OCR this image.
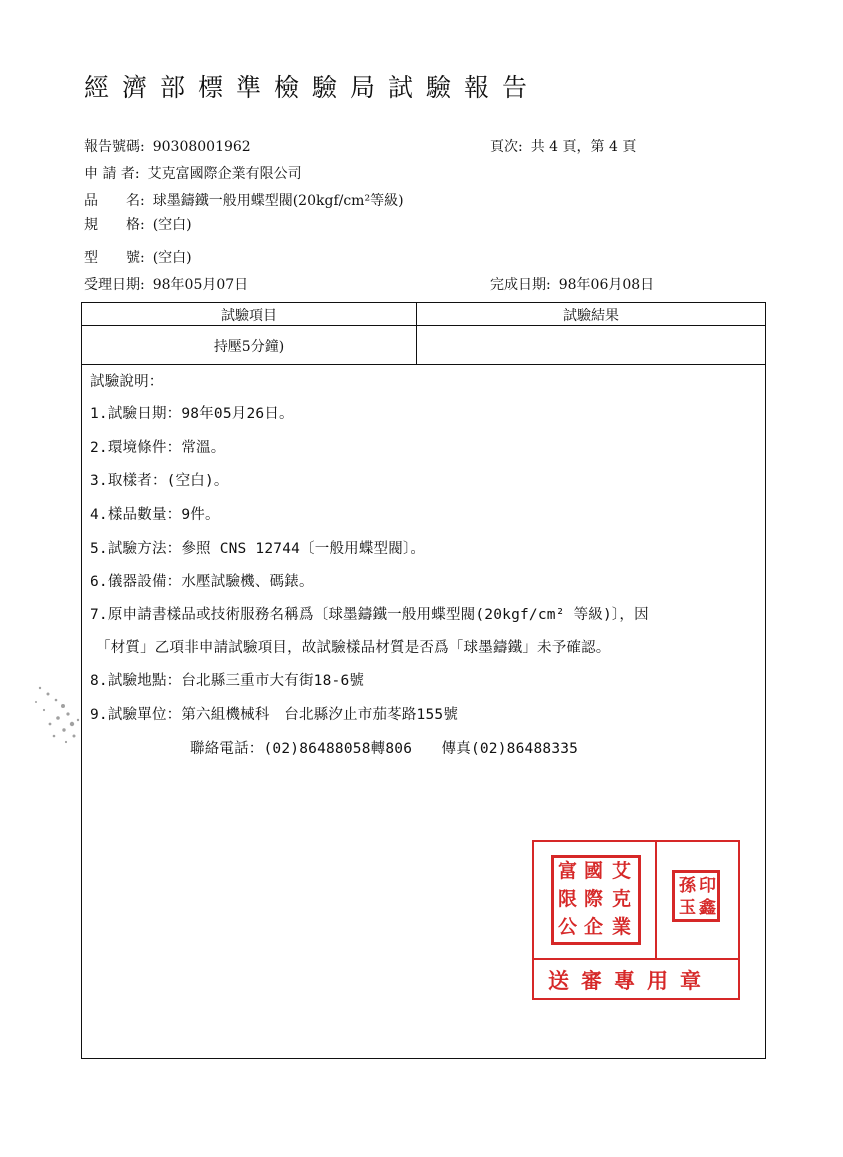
經濟部標準檢驗局試驗報告
報告號碼: 90308001962	頁次: 共 4 頁，第 4 頁
申 請 者: 艾克富國際企業有限公司
品　　名: 球墨鑄鐵一般用蝶型閥(20kgf/cm²等級)
規　　格: (空白)
型　　號: (空白)
受理日期: 98年05月07日	完成日期: 98年06月08日
試驗項目	試驗結果
持壓5分鐘)
試驗說明：
1.試驗日期：98年05月26日。
2.環境條件：常溫。
3.取樣者：(空白)。
4.樣品數量：9件。
5.試驗方法：參照 CNS 12744〔一般用蝶型閥〕。
6.儀器設備：水壓試驗機、碼錶。
7.原申請書樣品或技術服務名稱爲〔球墨鑄鐵一般用蝶型閥(20kgf/cm² 等級)〕，因
「材質」乙項非申請試驗項目，故試驗樣品材質是否爲「球墨鑄鐵」未予確認。
8.試驗地點：台北縣三重市大有街18-6號
9.試驗單位：第六組機械科　台北縣汐止市茄苳路155號
聯絡電話：(02)86488058轉806　　傳真(02)86488335
富 國 艾
限 際 克
公 企 業
孫 印
玉 鑫
送審專用章
